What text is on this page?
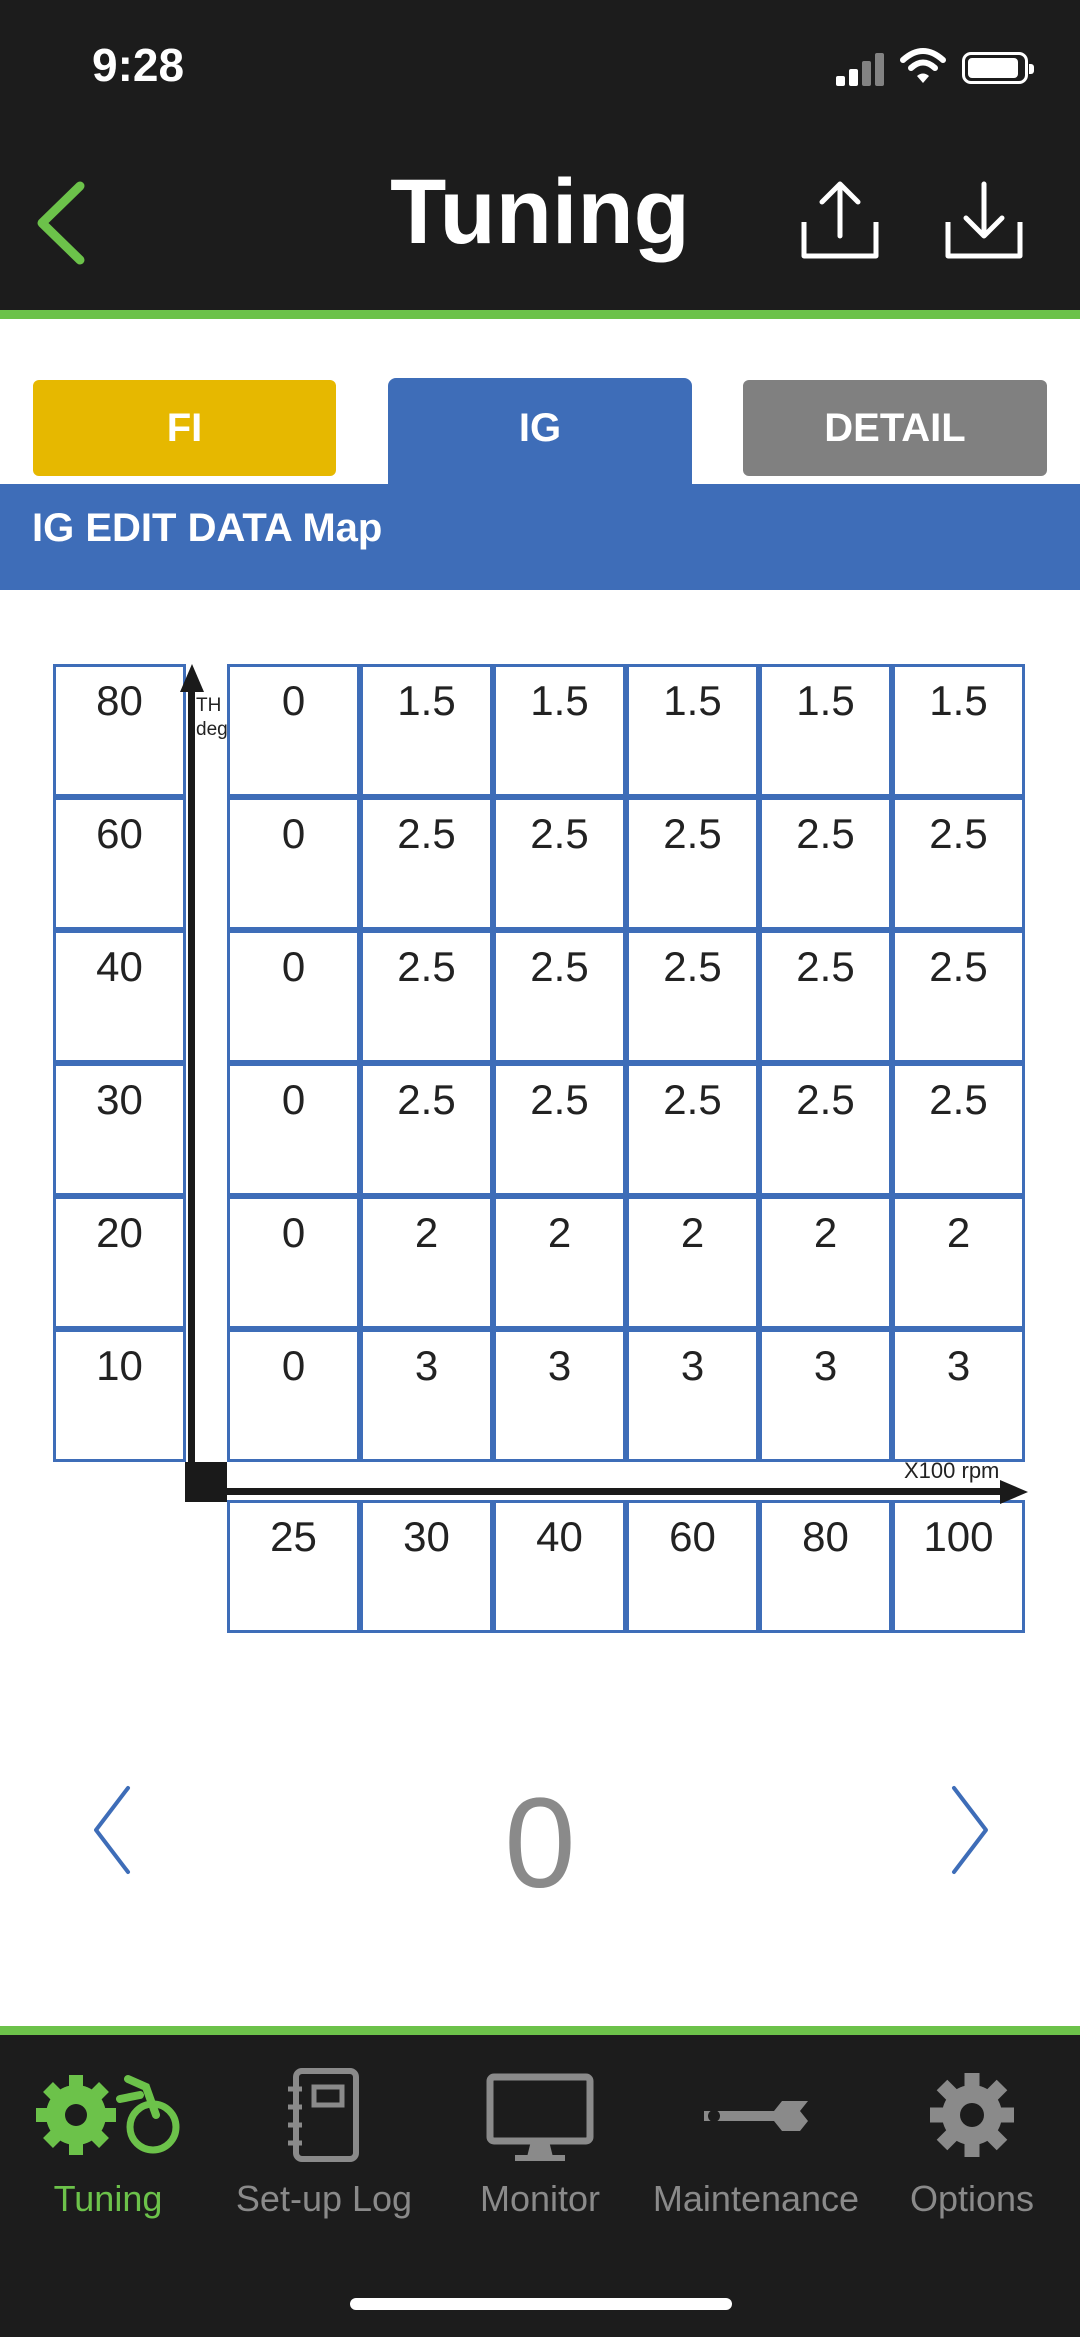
9:28
Tuning
FI	IG	DETAIL
IG EDIT DATA Map
80	0	1.5	1.5	1.5	1.5	1.5
60	0	2.5	2.5	2.5	2.5	2.5
40	0	2.5	2.5	2.5	2.5	2.5
30	0	2.5	2.5	2.5	2.5	2.5
20	0	2	2	2	2	2
10	0	3	3	3	3	3
25	30	40	60	80	100
TH
deg
X100 rpm
0
Tuning	Set-up Log	Monitor	Maintenance	Options
